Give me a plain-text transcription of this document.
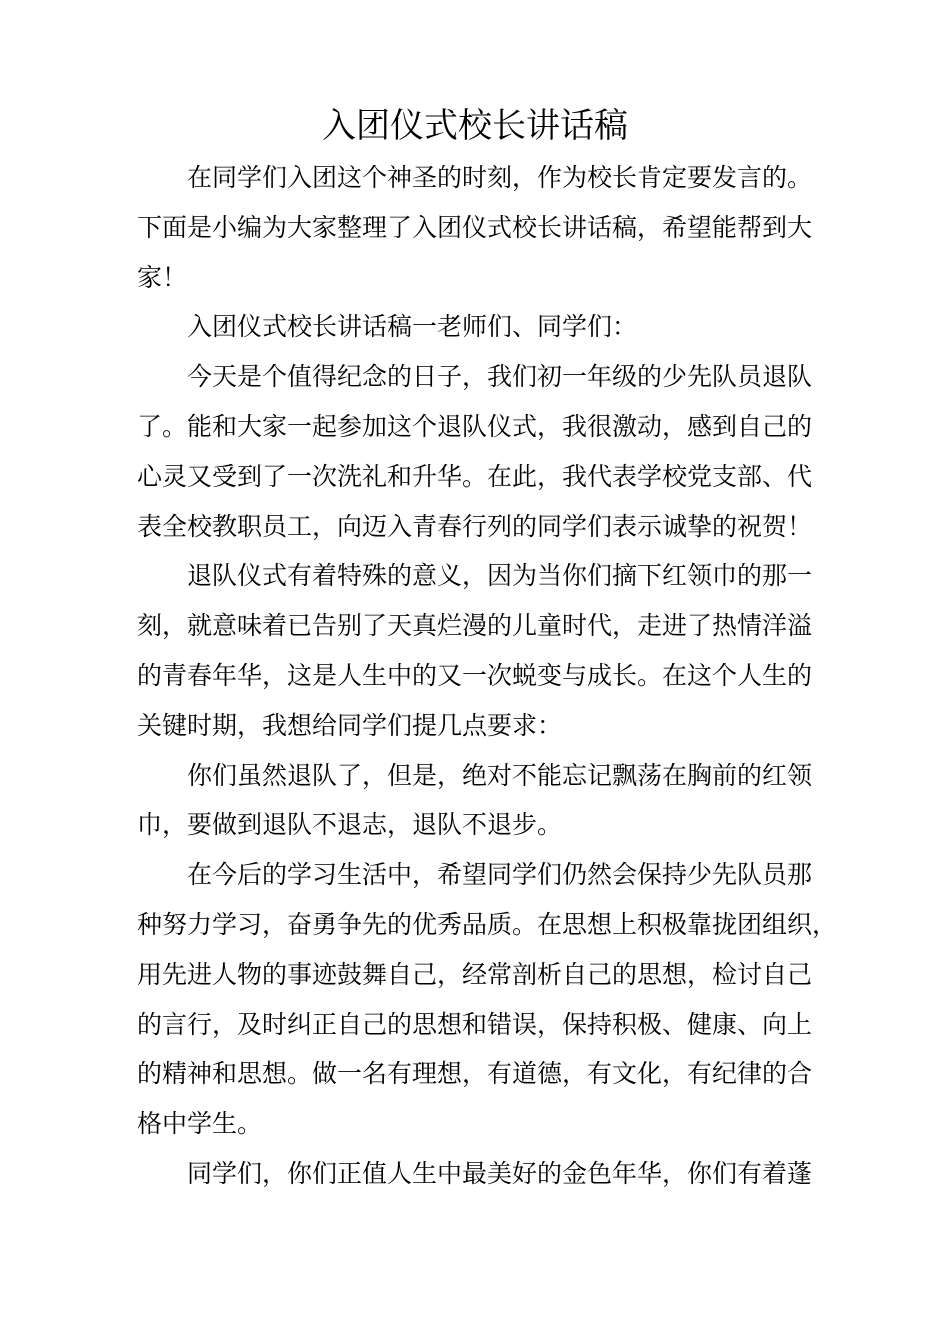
入团仪式校长讲话稿

在同学们入团这个神圣的时刻，作为校长肯定要发言的。
下面是小编为大家整理了入团仪式校长讲话稿，希望能帮到大
家！

入团仪式校长讲话稿一老师们、同学们：

今天是个值得纪念的日子，我们初一年级的少先队员退队
了。能和大家一起参加这个退队仪式，我很激动，感到自己的
心灵又受到了一次洗礼和升华。在此，我代表学校党支部、代
表全校教职员工，向迈入青春行列的同学们表示诚挚的祝贺！

退队仪式有着特殊的意义，因为当你们摘下红领巾的那一
刻，就意味着已告别了天真烂漫的儿童时代，走进了热情洋溢
的青春年华，这是人生中的又一次蜕变与成长。在这个人生的
关键时期，我想给同学们提几点要求：

你们虽然退队了，但是，绝对不能忘记飘荡在胸前的红领
巾，要做到退队不退志，退队不退步。

在今后的学习生活中，希望同学们仍然会保持少先队员那
种努力学习，奋勇争先的优秀品质。在思想上积极靠拢团组织，
用先进人物的事迹鼓舞自己，经常剖析自己的思想，检讨自己
的言行，及时纠正自己的思想和错误，保持积极、健康、向上
的精神和思想。做一名有理想，有道德，有文化，有纪律的合
格中学生。

同学们，你们正值人生中最美好的金色年华，你们有着蓬
